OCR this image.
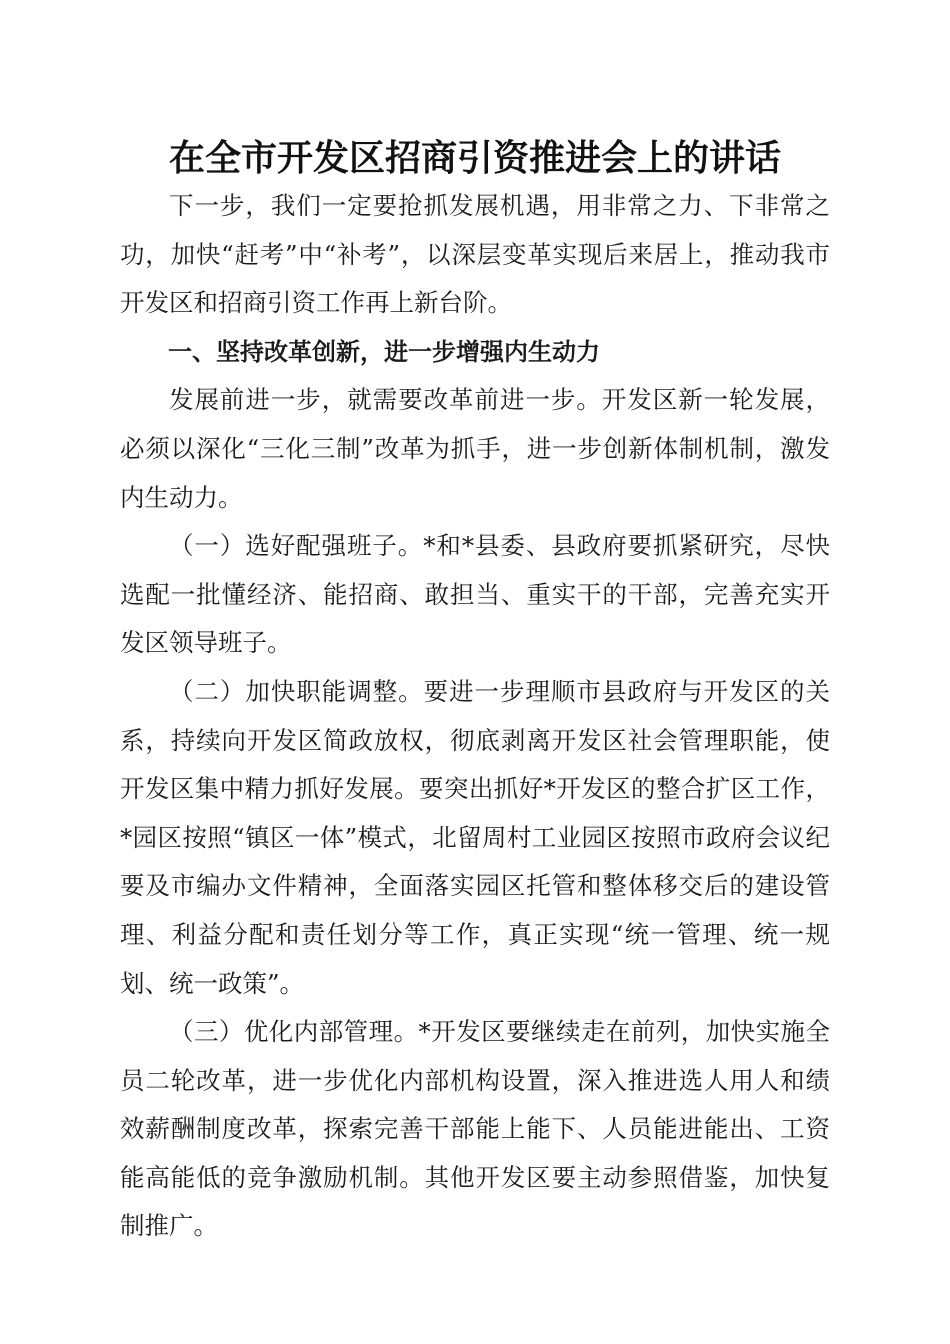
在全市开发区招商引资推进会上的讲话

下一步，我们一定要抢抓发展机遇，用非常之力、下非常之功，加快“赶考”中“补考”，以深层变革实现后来居上，推动我市开发区和招商引资工作再上新台阶。

一、坚持改革创新，进一步增强内生动力

发展前进一步，就需要改革前进一步。开发区新一轮发展，必须以深化“三化三制”改革为抓手，进一步创新体制机制，激发内生动力。

（一）选好配强班子。*和*县委、县政府要抓紧研究，尽快选配一批懂经济、能招商、敢担当、重实干的干部，完善充实开发区领导班子。

（二）加快职能调整。要进一步理顺市县政府与开发区的关系，持续向开发区简政放权，彻底剥离开发区社会管理职能，使开发区集中精力抓好发展。要突出抓好*开发区的整合扩区工作，*园区按照“镇区一体”模式，北留周村工业园区按照市政府会议纪要及市编办文件精神，全面落实园区托管和整体移交后的建设管理、利益分配和责任划分等工作，真正实现“统一管理、统一规划、统一政策”。

（三）优化内部管理。*开发区要继续走在前列，加快实施全员二轮改革，进一步优化内部机构设置，深入推进选人用人和绩效薪酬制度改革，探索完善干部能上能下、人员能进能出、工资能高能低的竞争激励机制。其他开发区要主动参照借鉴，加快复制推广。
